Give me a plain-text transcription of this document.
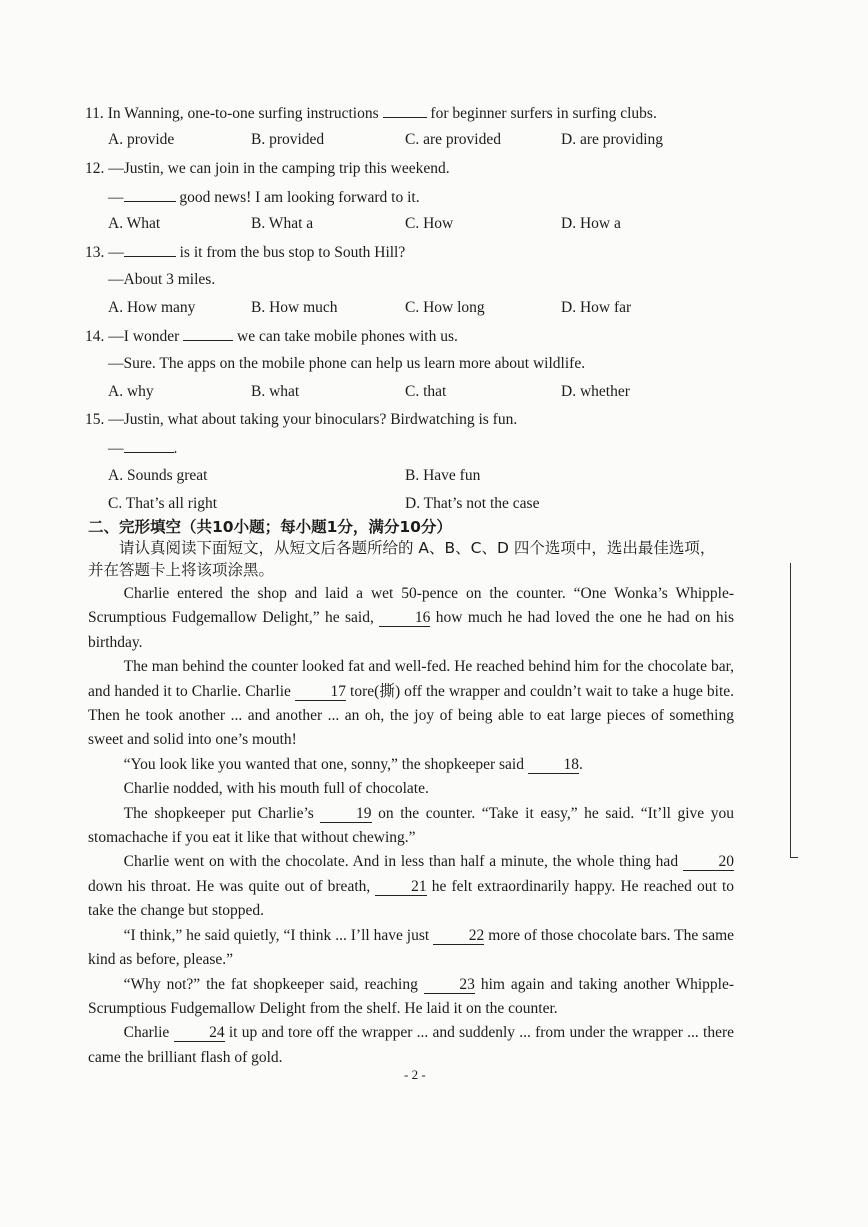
11. In Wanning, one-to-one surfing instructions	for beginner surfers in surfing clubs.
A. provide	B. provided	C. are provided	D. are providing
12. —Justin, we can join in the camping trip this weekend.
—	good news! I am looking forward to it.
A. What	B. What a	C. How	D. How a
13. —	is it from the bus stop to South Hill?
—About 3 miles.
A. How many	B. How much	C. How long	D. How far
14. —I wonder	we can take mobile phones with us.
—Sure. The apps on the mobile phone can help us learn more about wildlife.
A. why	B. what	C. that	D. whether
15. —Justin, what about taking your binoculars? Birdwatching is fun.
—	.
A. Sounds great	B. Have fun
C. That’s all right	D. That’s not the case
二、完形填空（共10小题；每小题1分，满分10分）
请认真阅读下面短文，从短文后各题所给的 A、B、C、D 四个选项中，选出最佳选项，
并在答题卡上将该项涂黑。

Charlie entered the shop and laid a wet 50-pence on the counter. “One Wonka’s Whipple-Scrumptious Fudgemallow Delight,” he said,	16 how much he had loved the one he had on his birthday.

The man behind the counter looked fat and well-fed. He reached behind him for the chocolate bar, and handed it to Charlie. Charlie	17 tore(撕) off the wrapper and couldn’t wait to take a huge bite. Then he took another ... and another ... an oh, the joy of being able to eat large pieces of something sweet and solid into one’s mouth!

“You look like you wanted that one, sonny,” the shopkeeper said	18.

Charlie nodded, with his mouth full of chocolate.

The shopkeeper put Charlie’s	19 on the counter. “Take it easy,” he said. “It’ll give you stomachache if you eat it like that without chewing.”

Charlie went on with the chocolate. And in less than half a minute, the whole thing had	20 down his throat. He was quite out of breath,	21 he felt extraordinarily happy. He reached out to take the change but stopped.

“I think,” he said quietly, “I think ... I’ll have just	22 more of those chocolate bars. The same kind as before, please.”

“Why not?” the fat shopkeeper said, reaching	23 him again and taking another Whipple-Scrumptious Fudgemallow Delight from the shelf. He laid it on the counter.

Charlie	24 it up and tore off the wrapper ... and suddenly ... from under the wrapper ... there came the brilliant flash of gold.

- 2 -
